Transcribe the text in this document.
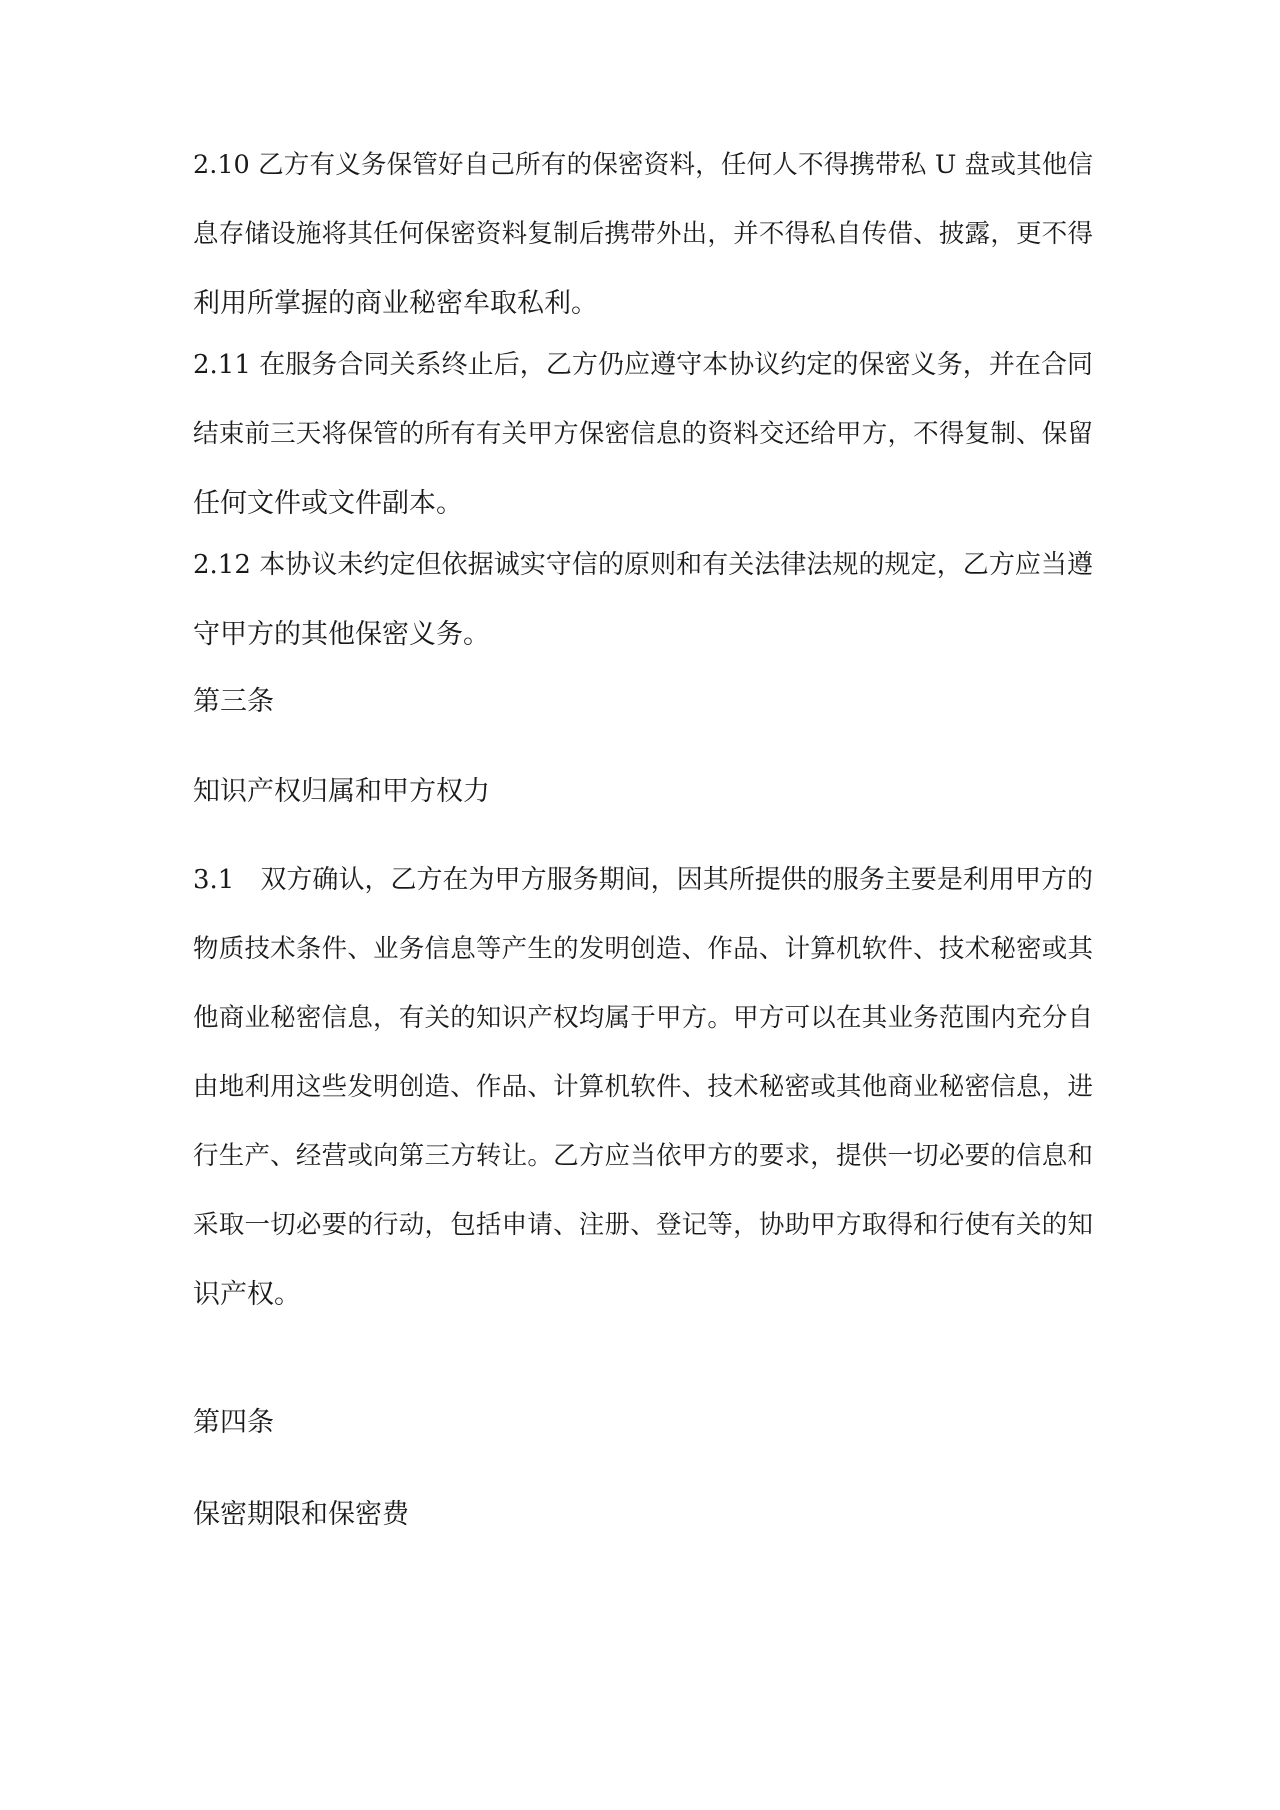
2.10 乙方有义务保管好自己所有的保密资料，任何人不得携带私 U 盘或其他信
息存储设施将其任何保密资料复制后携带外出，并不得私自传借、披露，更不得
利用所掌握的商业秘密牟取私利。
2.11 在服务合同关系终止后，乙方仍应遵守本协议约定的保密义务，并在合同
结束前三天将保管的所有有关甲方保密信息的资料交还给甲方，不得复制、保留
任何文件或文件副本。
2.12 本协议未约定但依据诚实守信的原则和有关法律法规的规定，乙方应当遵
守甲方的其他保密义务。
第三条
知识产权归属和甲方权力
3.1　双方确认，乙方在为甲方服务期间，因其所提供的服务主要是利用甲方的
物质技术条件、业务信息等产生的发明创造、作品、计算机软件、技术秘密或其
他商业秘密信息，有关的知识产权均属于甲方。甲方可以在其业务范围内充分自
由地利用这些发明创造、作品、计算机软件、技术秘密或其他商业秘密信息，进
行生产、经营或向第三方转让。乙方应当依甲方的要求，提供一切必要的信息和
采取一切必要的行动，包括申请、注册、登记等，协助甲方取得和行使有关的知
识产权。
第四条
保密期限和保密费
